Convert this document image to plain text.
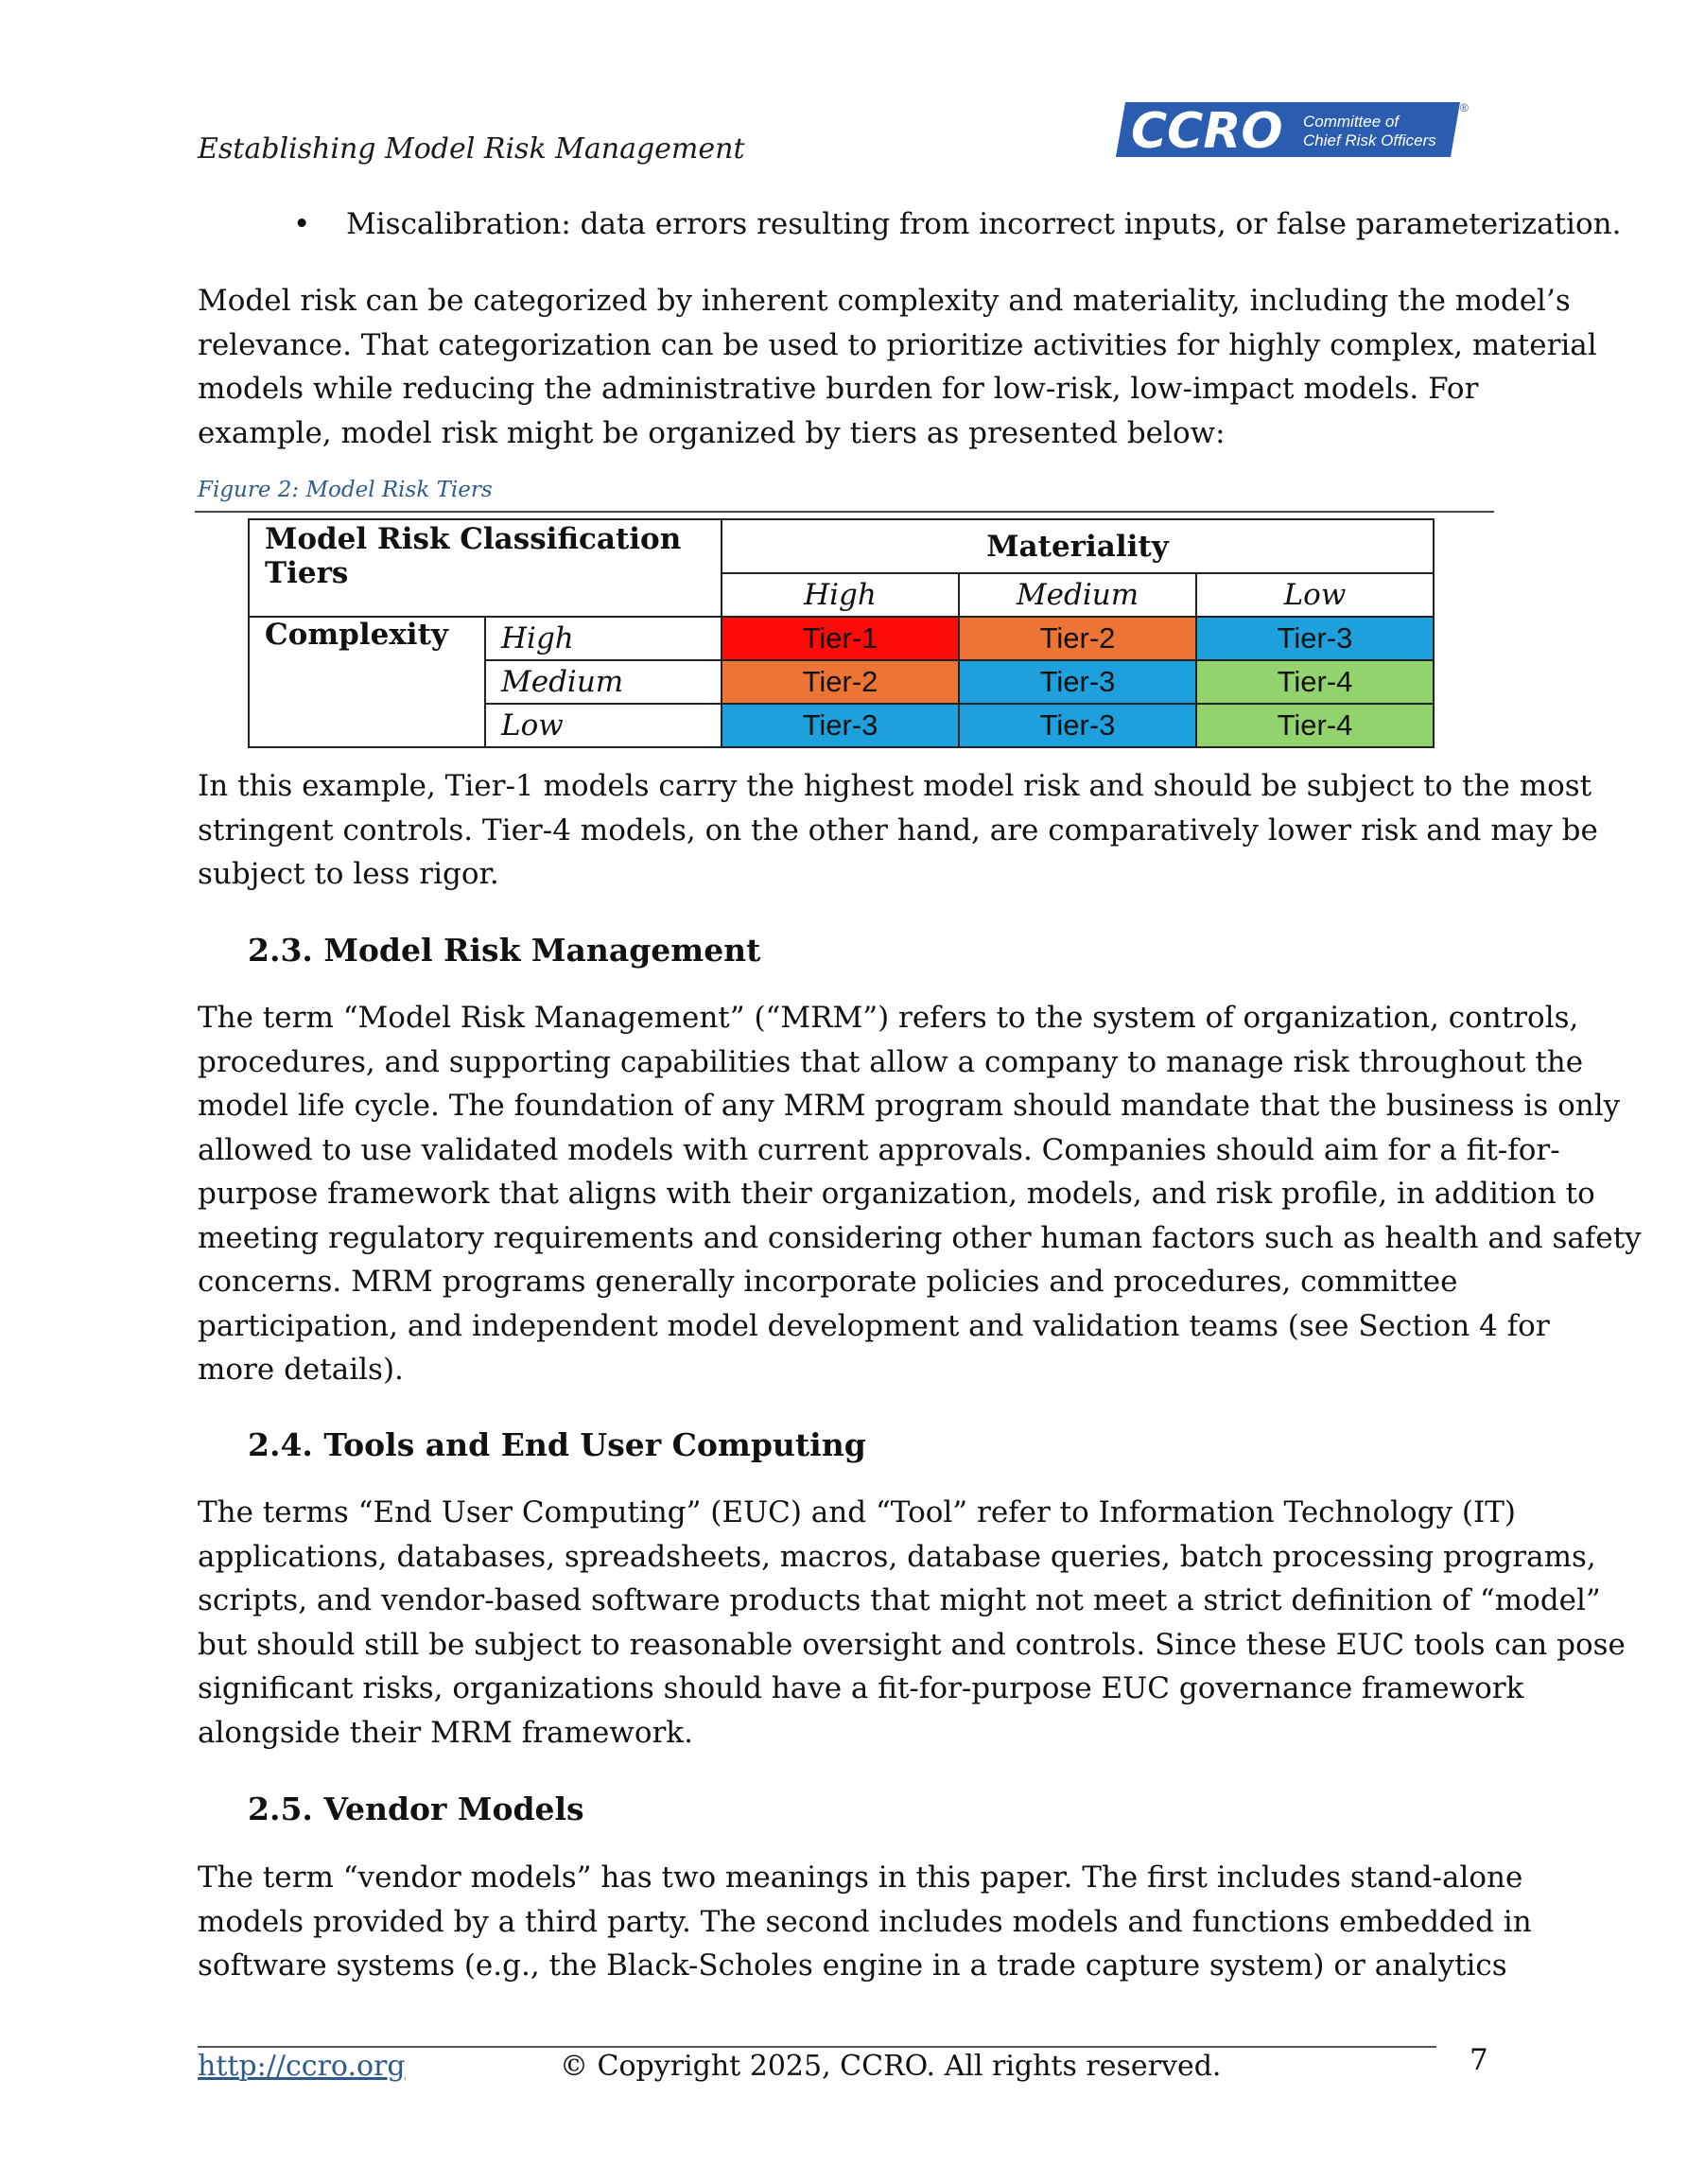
Establishing Model Risk Management	CCRO Committee of
Chief Risk Officers
®
• Miscalibration: data errors resulting from incorrect inputs, or false parameterization.
Model risk can be categorized by inherent complexity and materiality, including the model’s
relevance. That categorization can be used to prioritize activities for highly complex, material
models while reducing the administrative burden for low-risk, low-impact models. For
example, model risk might be organized by tiers as presented below:
Figure 2: Model Risk Tiers
Model Risk Classification Tiers		Materiality		
		High	Medium	Low
Complexity	High	Tier-1	Tier-2	Tier-3
	Medium	Tier-2	Tier-3	Tier-4
	Low	Tier-3	Tier-3	Tier-4
In this example, Tier-1 models carry the highest model risk and should be subject to the most
stringent controls. Tier-4 models, on the other hand, are comparatively lower risk and may be
subject to less rigor.
2.3. Model Risk Management
The term “Model Risk Management” (“MRM”) refers to the system of organization, controls,
procedures, and supporting capabilities that allow a company to manage risk throughout the
model life cycle. The foundation of any MRM program should mandate that the business is only
allowed to use validated models with current approvals. Companies should aim for a fit-for-
purpose framework that aligns with their organization, models, and risk profile, in addition to
meeting regulatory requirements and considering other human factors such as health and safety
concerns. MRM programs generally incorporate policies and procedures, committee
participation, and independent model development and validation teams (see Section 4 for
more details).
2.4. Tools and End User Computing
The terms “End User Computing” (EUC) and “Tool” refer to Information Technology (IT)
applications, databases, spreadsheets, macros, database queries, batch processing programs,
scripts, and vendor-based software products that might not meet a strict definition of “model”
but should still be subject to reasonable oversight and controls. Since these EUC tools can pose
significant risks, organizations should have a fit-for-purpose EUC governance framework
alongside their MRM framework.
2.5. Vendor Models
The term “vendor models” has two meanings in this paper. The first includes stand-alone
models provided by a third party. The second includes models and functions embedded in
software systems (e.g., the Black-Scholes engine in a trade capture system) or analytics
http://ccro.org	© Copyright 2025, CCRO. All rights reserved.	7
